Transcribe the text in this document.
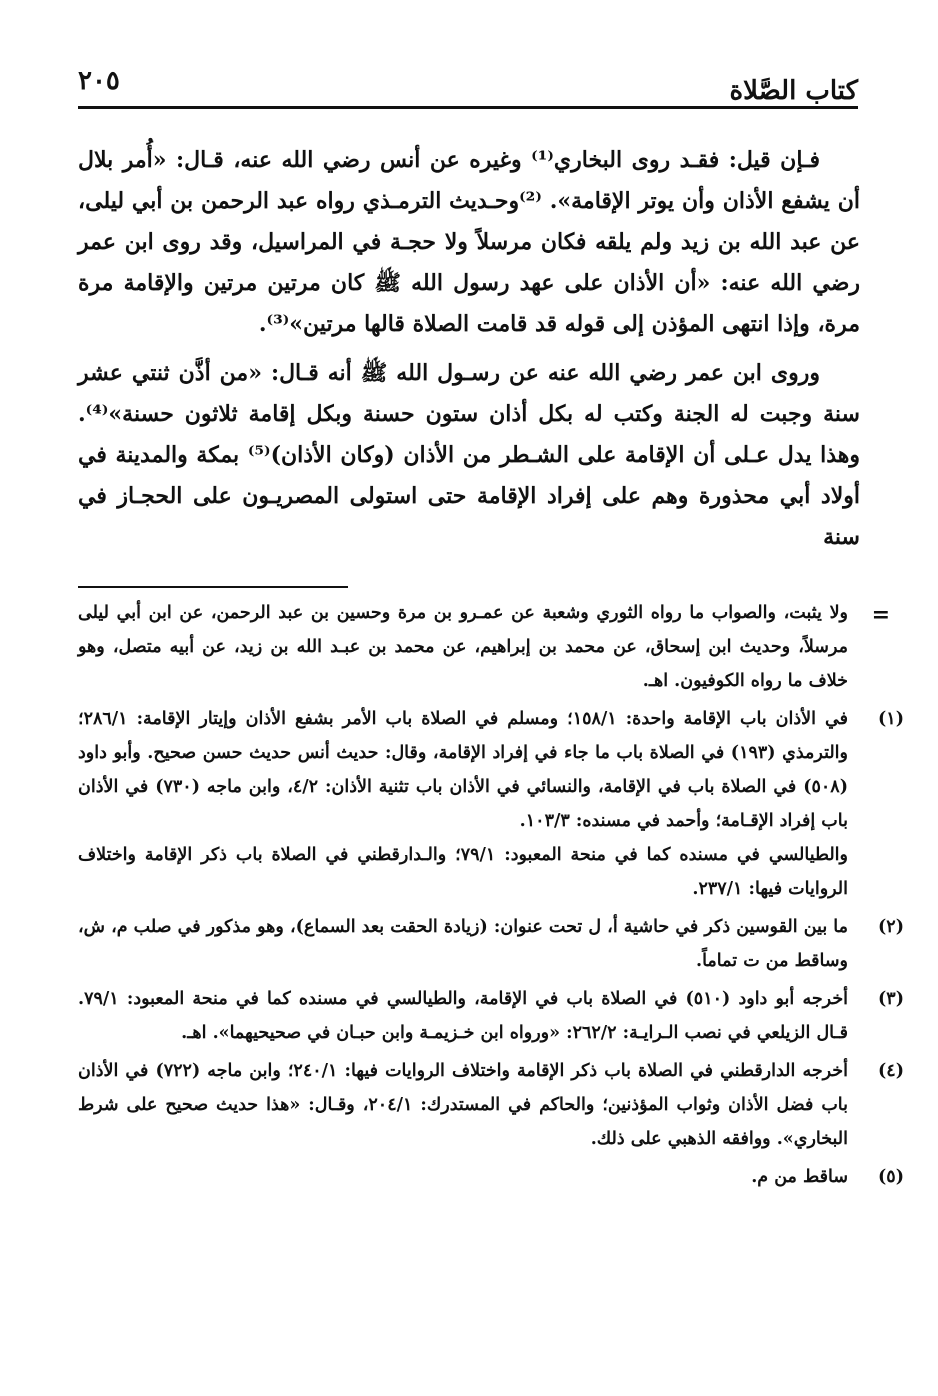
كتاب الصَّلاة
٢٠٥

فـإن قيل: فقـد روى البخاري⁽¹⁾ وغيره عن أنس رضي الله عنه، قـال: «أُمر بلال أن يشفع الأذان وأن يوتر الإقامة». ⁽²⁾وحـديث الترمـذي رواه عبد الرحمن بن أبي ليلى، عن عبد الله بن زيد ولم يلقه فكان مرسلاً ولا حجـة في المراسيل، وقد روى ابن عمر رضي الله عنه: «أن الأذان على عهد رسول الله ﷺ كان مرتين مرتين والإقامة مرة مرة، وإذا انتهى المؤذن إلى قوله قد قامت الصلاة قالها مرتين»⁽³⁾.

وروى ابن عمر رضي الله عنه عن رسـول الله ﷺ أنه قـال: «من أذَّن ثنتي عشر سنة وجبت له الجنة وكتب له بكل أذان ستون حسنة وبكل إقامة ثلاثون حسنة»⁽⁴⁾. وهذا يدل عـلى أن الإقامة على الشـطر من الأذان (وكان الأذان)⁽⁵⁾ بمكة والمدينة في أولاد أبي محذورة وهم على إفراد الإقامة حتى استولى المصريـون على الحجـاز في سنة

=
ولا يثبت، والصواب ما رواه الثوري وشعبة عن عمـرو بن مرة وحسين بن عبد الرحمن، عن ابن أبي ليلى مرسلاً، وحديث ابن إسحاق، عن محمد بن إبراهيم، عن محمد بن عبـد الله بن زيد، عن أبيه متصل، وهو خلاف ما رواه الكوفيون. اهـ.
(١)
في الأذان باب الإقامة واحدة: ١٥٨/١؛ ومسلم في الصلاة باب الأمر بشفع الأذان وإيتار الإقامة: ٢٨٦/١؛ والترمذي (١٩٣) في الصلاة باب ما جاء في إفراد الإقامة، وقال: حديث أنس حديث حسن صحيح. وأبو داود (٥٠٨) في الصلاة باب في الإقامة، والنسائي في الأذان باب تثنية الأذان: ٤/٢، وابن ماجه (٧٣٠) في الأذان باب إفراد الإقـامة؛ وأحمد في مسنده: ١٠٣/٣.
والطيالسي في مسنده كما في منحة المعبود: ٧٩/١؛ والـدارقطني في الصلاة باب ذكر الإقامة واختلاف الروايات فيها: ٢٣٧/١.
(٢)
ما بين القوسين ذكر في حاشية أ، ل تحت عنوان: (زيادة الحقت بعد السماع)، وهو مذكور في صلب م، ش، وساقط من ت تماماً.
(٣)
أخرجه أبو داود (٥١٠) في الصلاة باب في الإقامة، والطيالسي في مسنده كما في منحة المعبود: ٧٩/١. قـال الزيلعي في نصب الـرايـة: ٢٦٢/٢: «ورواه ابن خـزيمـة وابن حبـان في صحيحيهما». اهـ.
(٤)
أخرجه الدارقطني في الصلاة باب ذكر الإقامة واختلاف الروايات فيها: ٢٤٠/١؛ وابن ماجه (٧٢٢) في الأذان باب فضل الأذان وثواب المؤذنين؛ والحاكم في المستدرك: ٢٠٤/١، وقـال: «هذا حديث صحيح على شرط البخاري». ووافقه الذهبي على ذلك.
(٥)
ساقط من م.
